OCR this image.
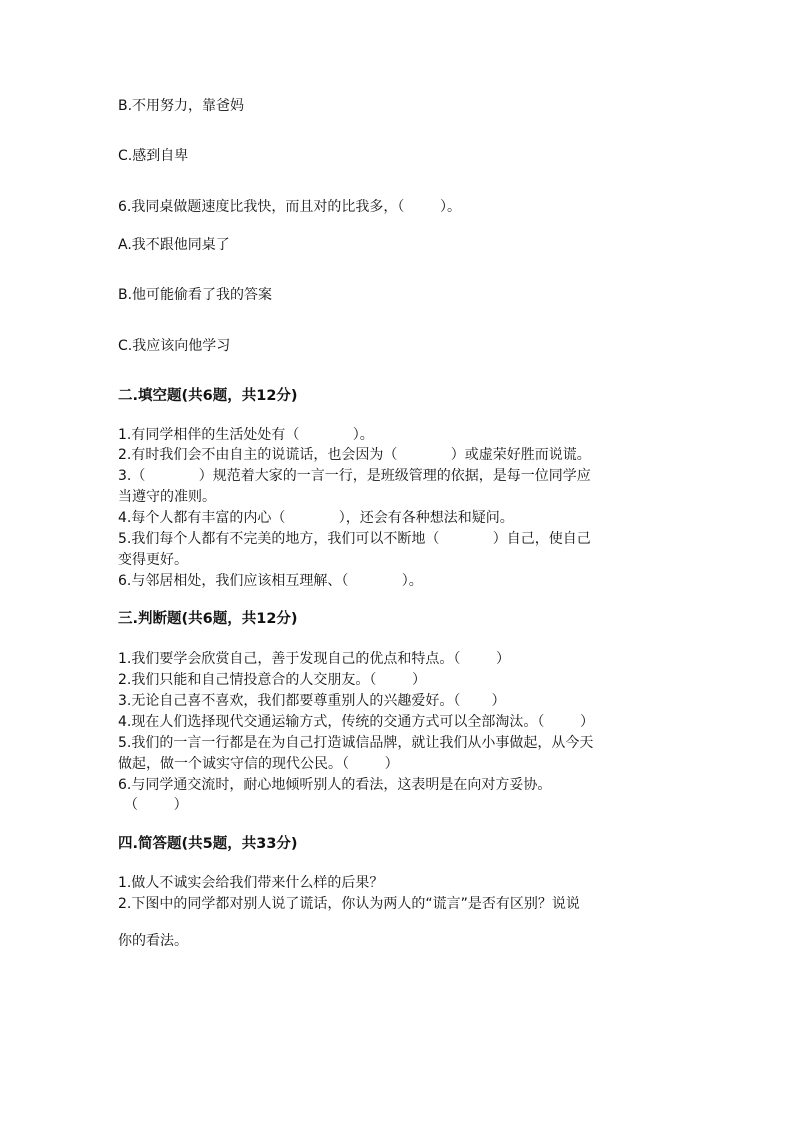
B.不用努力，靠爸妈
C.感到自卑
6.我同桌做题速度比我快，而且对的比我多，（        ）。
A.我不跟他同桌了
B.他可能偷看了我的答案
C.我应该向他学习
二.填空题(共6题，共12分)
1.有同学相伴的生活处处有（            ）。
2.有时我们会不由自主的说谎话，也会因为（            ）或虚荣好胜而说谎。
3.（            ）规范着大家的一言一行，是班级管理的依据，是每一位同学应
当遵守的准则。
4.每个人都有丰富的内心（            ），还会有各种想法和疑问。
5.我们每个人都有不完美的地方，我们可以不断地（            ）自己，使自己
变得更好。
6.与邻居相处，我们应该相互理解、（            ）。
三.判断题(共6题，共12分)
1.我们要学会欣赏自己，善于发现自己的优点和特点。（        ）
2.我们只能和自己情投意合的人交朋友。（        ）
3.无论自己喜不喜欢，我们都要尊重别人的兴趣爱好。（       ）
4.现在人们选择现代交通运输方式，传统的交通方式可以全部淘汰。（        ）
5.我们的一言一行都是在为自己打造诚信品牌，就让我们从小事做起，从今天
做起，做一个诚实守信的现代公民。（        ）
6.与同学通交流时，耐心地倾听别人的看法，这表明是在向对方妥协。
（        ）
四.简答题(共5题，共33分)
1.做人不诚实会给我们带来什么样的后果？
2.下图中的同学都对别人说了谎话，你认为两人的“谎言”是否有区别？说说
你的看法。
